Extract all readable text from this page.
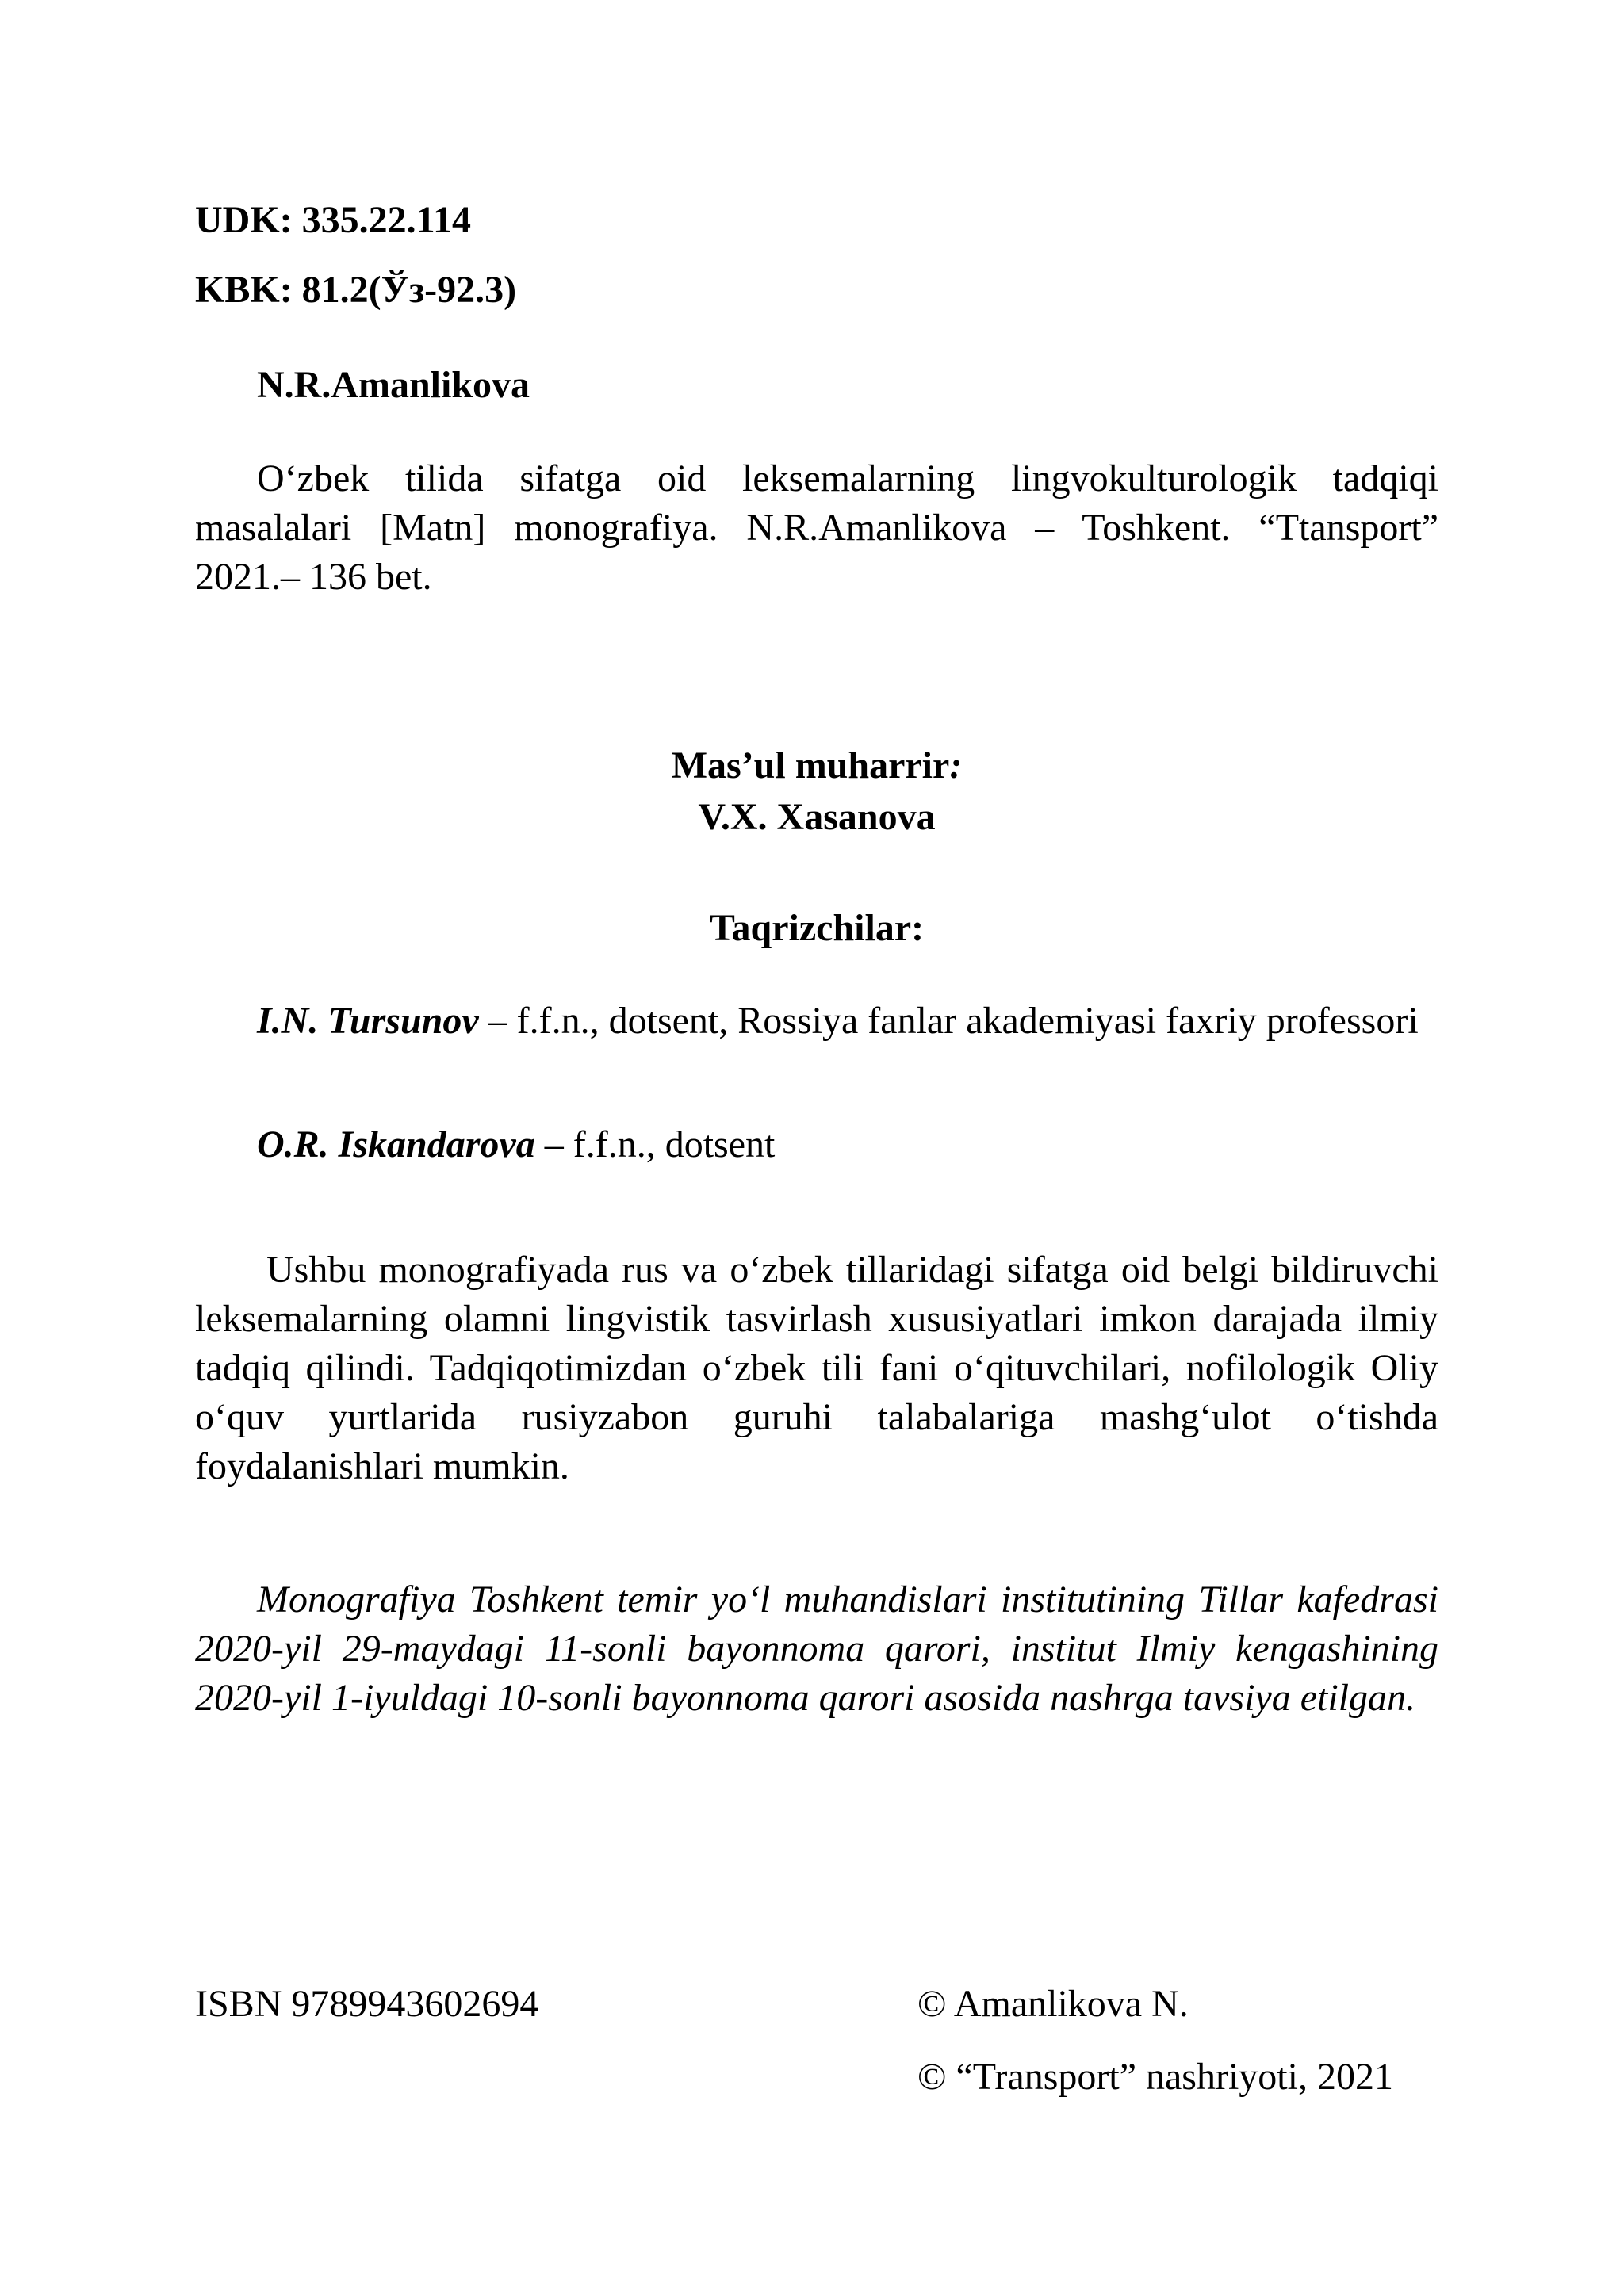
UDK: 335.22.114
KBK: 81.2(Ўз-92.3)
N.R.Amanlikova
O‘zbek tilida sifatga oid leksemalarning lingvokulturologik tadqiqi masalalari [Matn] monografiya. N.R.Amanlikova – Toshkent. “Ttansport” 2021.– 136 bet.
Mas’ul muharrir:
V.X. Xasanova
Taqrizchilar:
I.N. Tursunov – f.f.n., dotsent, Rossiya fanlar akademiyasi faxriy professori
O.R. Iskandarova – f.f.n., dotsent
Ushbu monografiyada rus va o‘zbek tillaridagi sifatga oid belgi bildiruvchi leksemalarning olamni lingvistik tasvirlash xususiyatlari imkon darajada ilmiy tadqiq qilindi. Tadqiqotimizdan o‘zbek tili fani o‘qituvchilari, nofilologik Oliy o‘quv yurtlarida rusiyzabon guruhi talabalariga mashg‘ulot o‘tishda foydalanishlari mumkin.
Monografiya Toshkent temir yo‘l muhandislari institutining Tillar kafedrasi 2020-yil 29-maydagi 11-sonli bayonnoma qarori, institut Ilmiy kengashining 2020-yil 1-iyuldagi 10-sonli bayonnoma qarori asosida nashrga tavsiya etilgan.
ISBN 9789943602694	© Amanlikova N.
© “Transport” nashriyoti, 2021
